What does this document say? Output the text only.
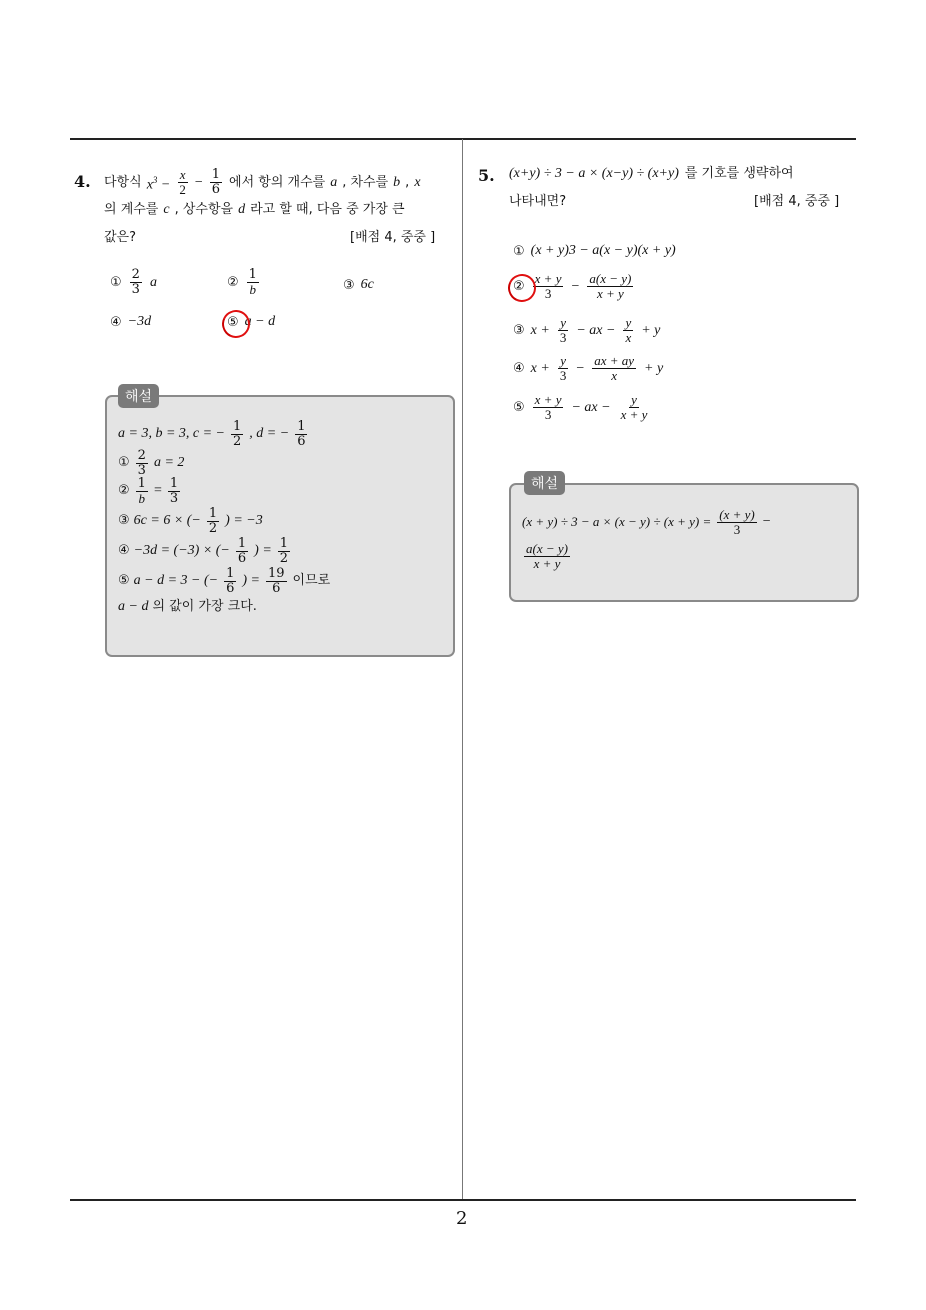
2
4. 다항식 $x^3 - \frac{x}{2} - \frac{1}{6}$ 에서 항의 개수를 a , 차수를 b , x
의 계수를 c , 상수항을 d 라고 할 때, 다음 중 가장 큰
값은?	[배점 4, 중중 ]
① $\frac{2}{3}$ a	② $\frac{1}{b}$	③ 6c
④ −3d	⑤ a − d
해설
a = 3, b = 3, c = − $\frac{1}{2}$ , d = − $\frac{1}{6}$
① $\frac{2}{3}$ a = 2
② $\frac{1}{b} = \frac{1}{3}$
③ 6c = 6 × (− $\frac{1}{2}$ ) = −3
④ −3d = (−3) × (− $\frac{1}{6}$ ) = $\frac{1}{2}$
⑤ a − d = 3 − (− $\frac{1}{6}$ ) = $\frac{19}{6}$ 이므로
a − d 의 값이 가장 크다.
5. (x+y) ÷ 3 − a × (x−y) ÷ (x+y) 를 기호를 생략하여
나타내면?	[배점 4, 중중 ]
① (x + y)3 − a(x − y)(x + y)
② $\frac{x + y}{3} - \frac{a(x - y)}{x + y}$
③ $x + \frac{y}{3}$ − ax − $\frac{y}{x} + y$
④ $x + \frac{y}{3} - \frac{ax + ay}{x} + y$
⑤ $\frac{x + y}{3}$ − ax − $\frac{y}{x + y}$
해설
$(x + y) \div 3 - a \times (x - y) \div (x + y) = \frac{(x + y)}{3}$ −
$\frac{a(x - y)}{x + y}$
